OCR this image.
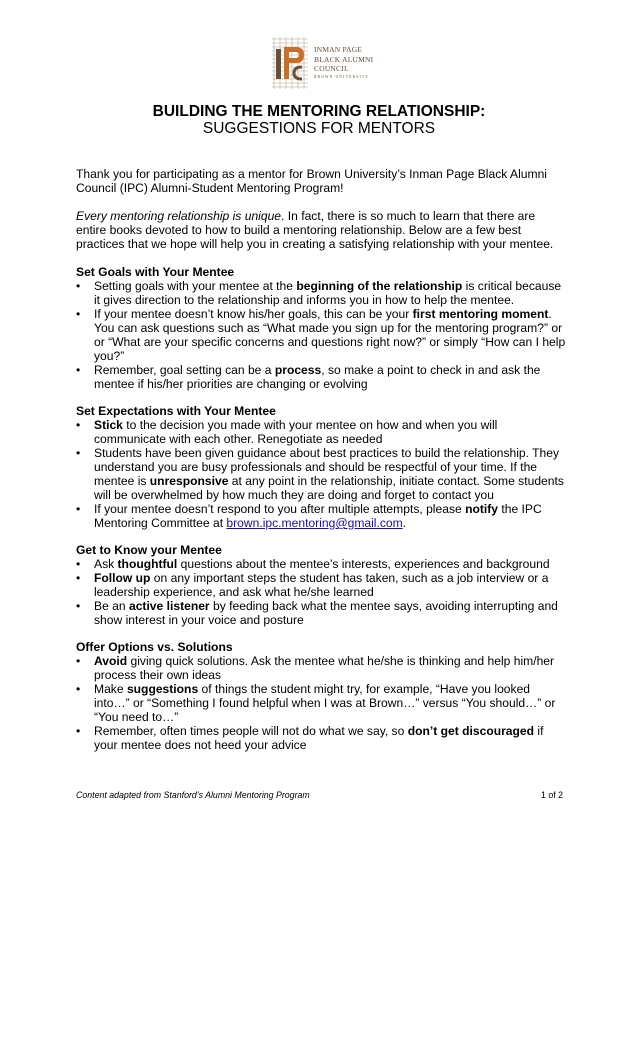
INMAN PAGE
BLACK ALUMNI
COUNCIL
BROWN UNIVERSITY
BUILDING THE MENTORING RELATIONSHIP:
SUGGESTIONS FOR MENTORS

Thank you for participating as a mentor for Brown University’s Inman Page Black Alumni Council (IPC) Alumni-Student Mentoring Program!

Every mentoring relationship is unique. In fact, there is so much to learn that there are entire books devoted to how to build a mentoring relationship. Below are a few best practices that we hope will help you in creating a satisfying relationship with your mentee.

Set Goals with Your Mentee

• Setting goals with your mentee at the beginning of the relationship is critical because it gives direction to the relationship and informs you in how to help the mentee.
• If your mentee doesn’t know his/her goals, this can be your first mentoring moment. You can ask questions such as “What made you sign up for the mentoring program?” or or “What are your specific concerns and questions right now?” or simply “How can I help you?”
• Remember, goal setting can be a process, so make a point to check in and ask the mentee if his/her priorities are changing or evolving

Set Expectations with Your Mentee

• Stick to the decision you made with your mentee on how and when you will communicate with each other. Renegotiate as needed
• Students have been given guidance about best practices to build the relationship. They understand you are busy professionals and should be respectful of your time. If the mentee is unresponsive at any point in the relationship, initiate contact. Some students will be overwhelmed by how much they are doing and forget to contact you
• If your mentee doesn’t respond to you after multiple attempts, please notify the IPC Mentoring Committee at brown.ipc.mentoring@gmail.com.

Get to Know your Mentee

• Ask thoughtful questions about the mentee’s interests, experiences and background
• Follow up on any important steps the student has taken, such as a job interview or a leadership experience, and ask what he/she learned
• Be an active listener by feeding back what the mentee says, avoiding interrupting and show interest in your voice and posture

Offer Options vs. Solutions

• Avoid giving quick solutions. Ask the mentee what he/she is thinking and help him/her process their own ideas
• Make suggestions of things the student might try, for example, “Have you looked into…” or “Something I found helpful when I was at Brown…” versus “You should…” or “You need to…”
• Remember, often times people will not do what we say, so don’t get discouraged if your mentee does not heed your advice
Content adapted from Stanford’s Alumni Mentoring Program	1 of 2
